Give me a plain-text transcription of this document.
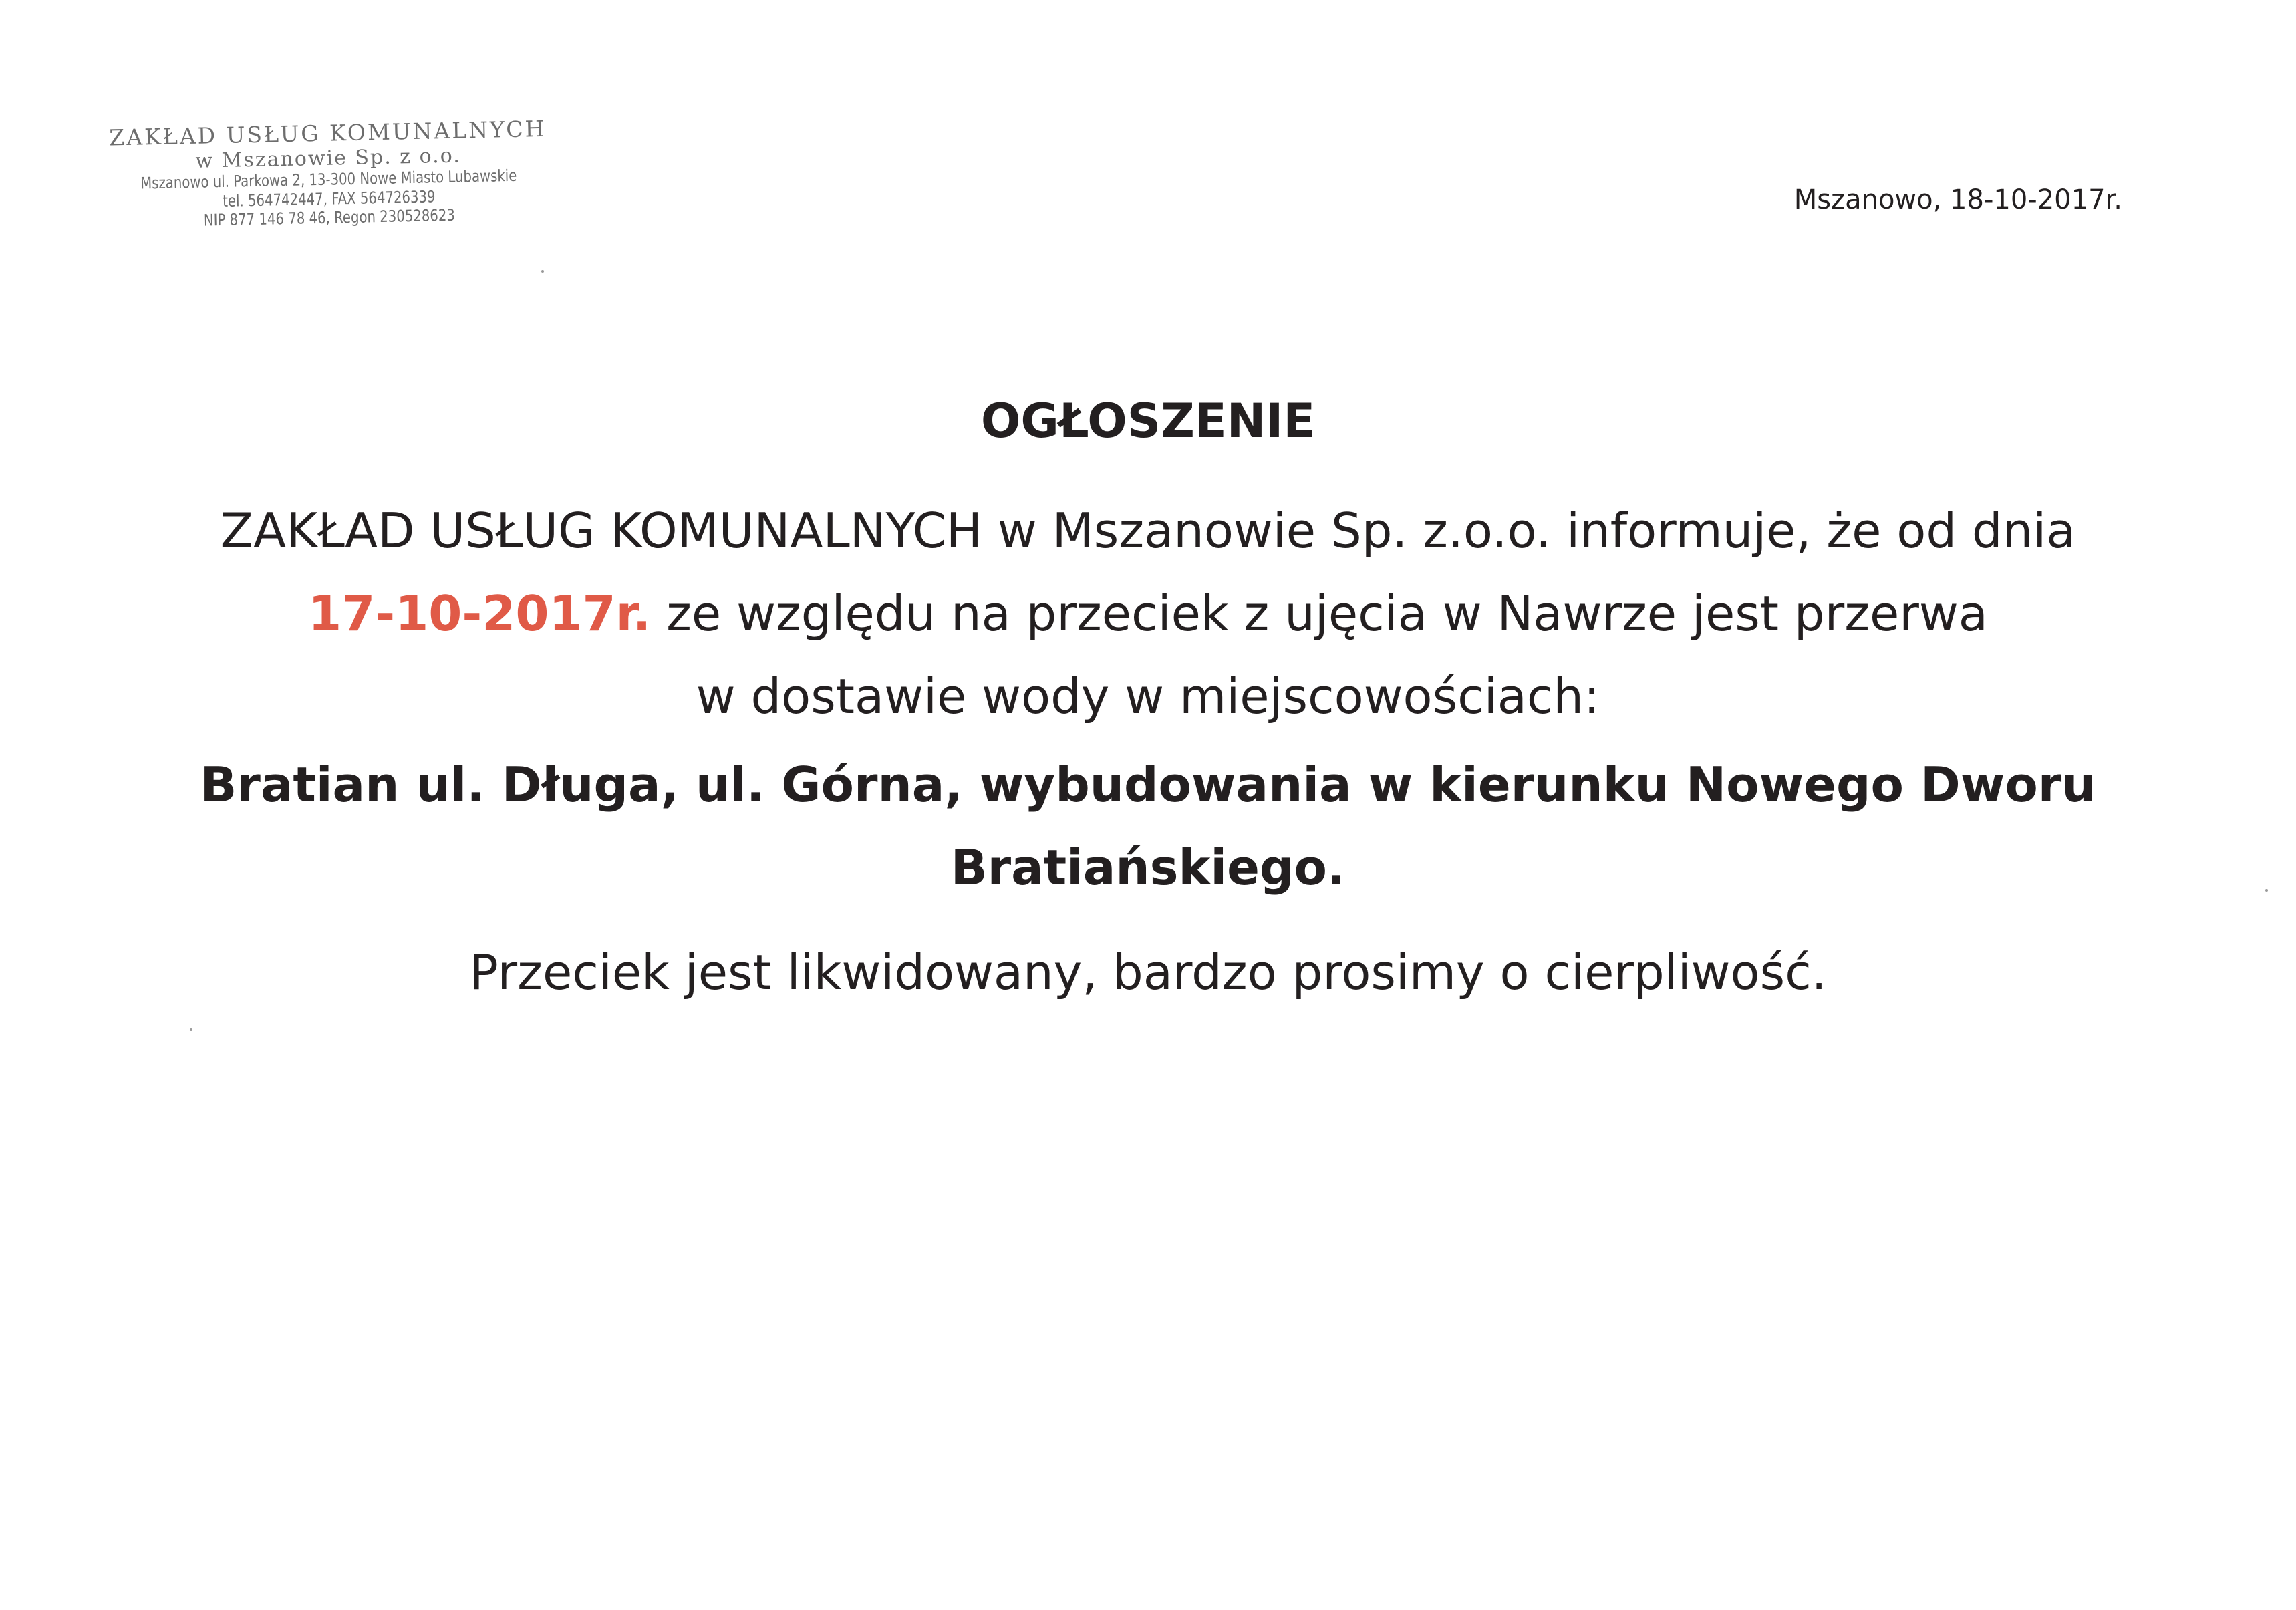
ZAKŁAD USŁUG KOMUNALNYCH
w Mszanowie Sp. z o.o.
Mszanowo ul. Parkowa 2, 13-300 Nowe Miasto Lubawskie
tel. 564742447, FAX 564726339
NIP 877 146 78 46, Regon 230528623
Mszanowo, 18-10-2017r.
OGŁOSZENIE
ZAKŁAD USŁUG KOMUNALNYCH w Mszanowie Sp. z.o.o. informuje, że od dnia
17-10-2017r. ze względu na przeciek z ujęcia w Nawrze jest przerwa
w dostawie wody w miejscowościach:
Bratian ul. Długa, ul. Górna, wybudowania w kierunku Nowego Dworu
Bratiańskiego.
Przeciek jest likwidowany, bardzo prosimy o cierpliwość.
